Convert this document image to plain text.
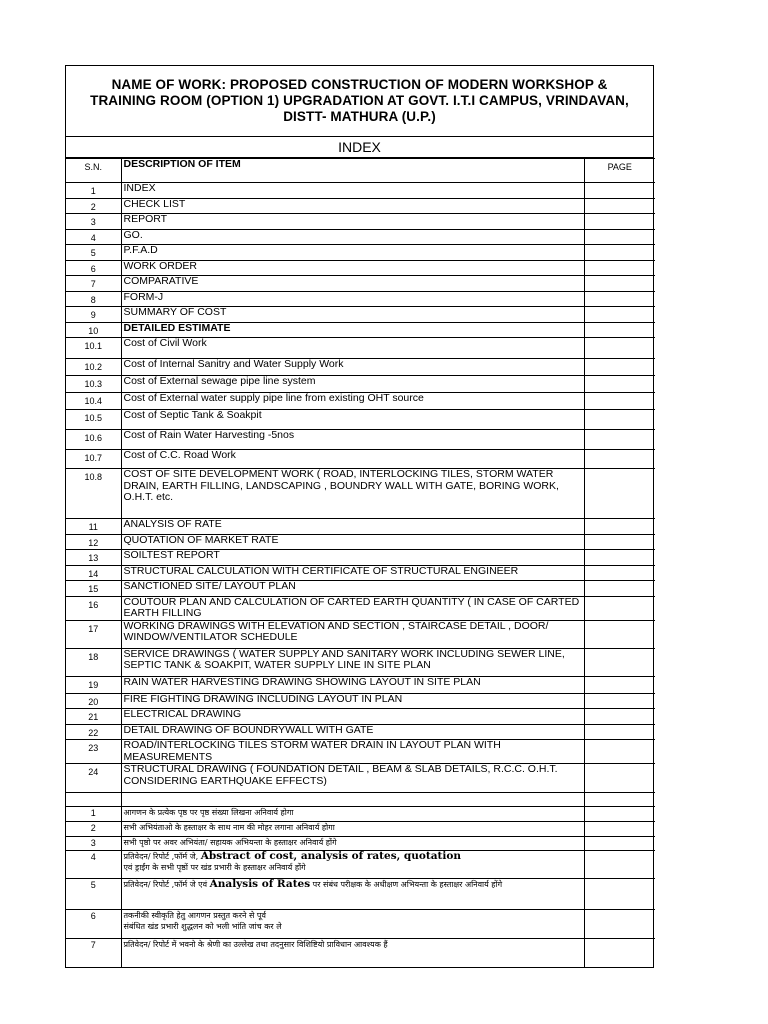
NAME OF WORK: PROPOSED CONSTRUCTION OF MODERN WORKSHOP & TRAINING ROOM (OPTION 1) UPGRADATION AT GOVT. I.T.I CAMPUS, VRINDAVAN, DISTT- MATHURA (U.P.)
INDEX
S.N.	DESCRIPTION OF ITEM	PAGE
1	INDEX	
2	CHECK LIST	
3	REPORT	
4	GO.	
5	P.F.A.D	
6	WORK ORDER	
7	COMPARATIVE	
8	FORM-J	
9	SUMMARY OF COST	
10	DETAILED ESTIMATE	
10.1	Cost of Civil Work	
10.2	Cost of Internal Sanitry and Water Supply Work	
10.3	Cost of External sewage pipe line system	
10.4	Cost of External water supply pipe line from existing OHT source	
10.5	Cost of Septic Tank & Soakpit	
10.6	Cost of Rain Water Harvesting -5nos	
10.7	Cost of C.C. Road Work	
10.8	COST OF SITE DEVELOPMENT WORK ( ROAD, INTERLOCKING TILES, STORM WATER DRAIN, EARTH FILLING, LANDSCAPING , BOUNDRY WALL WITH GATE, BORING WORK, O.H.T. etc.	
11	ANALYSIS OF RATE	
12	QUOTATION OF MARKET RATE	
13	SOILTEST REPORT	
14	STRUCTURAL CALCULATION WITH CERTIFICATE OF STRUCTURAL ENGINEER	
15	SANCTIONED SITE/ LAYOUT PLAN	
16	COUTOUR PLAN AND CALCULATION OF CARTED EARTH QUANTITY ( IN CASE OF CARTED EARTH FILLING	
17	WORKING DRAWINGS WITH ELEVATION AND SECTION , STAIRCASE DETAIL , DOOR/ WINDOW/VENTILATOR SCHEDULE	
18	SERVICE DRAWINGS ( WATER SUPPLY AND SANITARY WORK INCLUDING SEWER LINE, SEPTIC TANK & SOAKPIT, WATER SUPPLY LINE IN SITE PLAN	
19	RAIN WATER HARVESTING DRAWING SHOWING LAYOUT IN SITE PLAN	
20	FIRE FIGHTING DRAWING INCLUDING LAYOUT IN PLAN	
21	ELECTRICAL DRAWING	
22	DETAIL DRAWING OF BOUNDRYWALL WITH GATE	
23	ROAD/INTERLOCKING TILES STORM WATER DRAIN IN LAYOUT PLAN WITH MEASUREMENTS	
24	STRUCTURAL DRAWING ( FOUNDATION DETAIL , BEAM & SLAB DETAILS, R.C.C. O.H.T. CONSIDERING EARTHQUAKE EFFECTS)	

1	आगणन के प्रत्येक पृष्ठ पर पृष्ठ संख्या लिखना अनिवार्य होगा	

2	सभी अभियंताओ के हस्ताक्षर के साथ नाम की मोहर लगाना अनिवार्य होगा	

3	सभी पृष्ठो पर अवर अभियंता/ सहायक अभियन्ता के हस्ताक्षर अनिवार्य होंगे	

4	प्रतिवेदन/ रिपोर्ट ,फॉर्म जे, Abstract of cost, analysis of rates, quotation
एवं ड्राईंग के सभी पृष्ठों पर खंड प्रभारी के हस्ताक्षर अनिवार्य होंगे	

5	प्रतिवेदन/ रिपोर्ट ,फॉर्म जे एवं Analysis of Rates पर संबंध परीक्षक के अधीक्षण अभियन्ता के हस्ताक्षर अनिवार्य होंगे	

6	तकनीकी स्वीकृति हेतु आगणन प्रस्तुत करने से पूर्व
संबंधित खंड प्रभारी शुद्धलन को भली भांति जांच कर ले	

7	प्रतिवेदन/ रिपोर्ट में भवनो के श्रेणी का उल्लेख तथा तदनुसार विशिष्टियो प्राविधान आवश्यक हैं	
